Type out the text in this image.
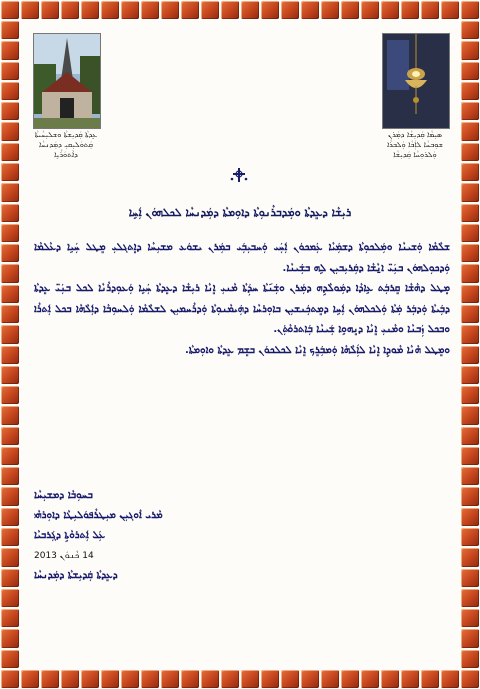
ܥܸܕܬܵܐ ܩܲܕܝܼܫܬܵܐ ܘܫܠܝܼܚܵܝܬܵܐ
ܩܲܬܘܿܠܝܼܩܝܼ ܕܡܲܕܢܚܵܐ
ܕܐܵܬܘܿܪܵܝܹܐ

ܣܝܼܡܵܐ ܩܲܕܝܼܫܵܐ ܕܡܲܪܢ
ܫܘܼܒܚܵܐ ܠܐܲܒܵܐ ܘܲܠܒܪܵܐ
ܘܲܠܪܘܼܚܵܐ ܩܲܕܝܼܫܵܐ

ܪܝܼܫܵܐ ܕܥܸܕܬܵܐ ܘܡܲܕܒܪܵܢܘܼܬܵܐ ܕܐܘܼܡܬܵܐ ܕܡܲܕܢܚܵܐ ܠܟܠܗܘܿܢ ܐܲܚܹܐ
ܫܠܵܡܵܐ ܘܲܫܝܢܵܐ ܘܡܲܠܟܘܼܬܵܐ ܕܫܡܲܝܵܐ ܥܲܡܟܘܿܢ ܐܲܚܲܝ ܘܲܚܒܝܼܒܲܝ ܒܡܲܪܢ ܝܫܘܿܥ ܡܫܝܼܚܵܐ ܕܐܸܬܓܠܝܼ ܡܸܛܠ ܚܲܝܹܐ ܕܥܵܠܡܵܐ ܘܲܕܟܘܼܠܗܘܿܢ ܒܢܲܝ̈ ܐ̱ܢܵܫܵܐ ܕܩܲܪܝܼܒܝܼܢ ܠܹܗ ܒܫܲܝܢܵܐ.
ܡܸܛܠ ܕܗܵܫܵܐ ܩܸܪܒܲܬ ܥܹܐܕܵܐ ܕܡܲܘܠܵܕܹܗ ܕܡܲܪܢ ܘܫܲܢ݇ܬܵܐ ܚܕܲܬܵܐ ܡܵܢܝܼ ܐܸܢܵܐ ܪܝܼܫܵܐ ܕܥܸܕܬܵܐ ܚܲܝܹܐ ܘܲܥܘܼܕܪܵܢܵܐ ܠܟܠ ܒܢܲܝ̈ ܥܸܕܬܵܐ ܕܒܲܝܬܵܐ ܘܲܕܒܲܪ ܡܲܬܵܐ ܘܲܠܟܠܗܘܿܢ ܐܲܚܹܐ ܕܡܸܬܟܲܢܫܝܼܢ ܒܐܘܼܪܚܵܐ ܕܗܲܝܡܵܢܘܼܬܵܐ ܘܲܕܪܵܚܡܝܼܢ ܠܫܠܵܡܵܐ ܘܲܠܚܘܼܒܵܐ ܕܐܲܠܵܗܵܐ ܒܟܠ ܐܲܬܪܵܐ ܘܒܟܠ ܙܲܒܢܵܐ ܘܡܵܢܝܼ ܐܸܢܵܐ ܕܢܸܗܘܹܐ ܫܲܝܢܵܐ ܒܲܐܬܪܘܵܬܲܢ.
ܘܡܸܛܠ ܗܵܢܵܐ ܡܵܘܕܹܐ ܐܸܢܵܐ ܠܐܲܠܵܗܵܐ ܘܲܡܒܲܪܸܟ ܐܸܢܵܐ ܠܟܠܟܘܿܢ ܒܫܸܡ ܥܸܕܬܵܐ ܘܐܘܼܡܬܵܐ.
ܒܚܘܼܒܵܐ ܕܡܫܝܼܚܵܐ
ܡܵܪܝ ܐܵܘܓܝܼܢ ܡܝܼܛܪܵܦܘܿܠܝܼܛܵܐ ܕܐܘܼܪܗܵܝ
ܥܲܠ ܐܲܬܪܘܵܬܹܐ ܕܓܲܪܒܝܵܐ
14 ܟܵܢܘܿܢ 2013
ܕܥܸܕܬܵܐ ܩܲܕܝܼܫܬܵܐ ܕܡܲܕܢܚܵܐ
